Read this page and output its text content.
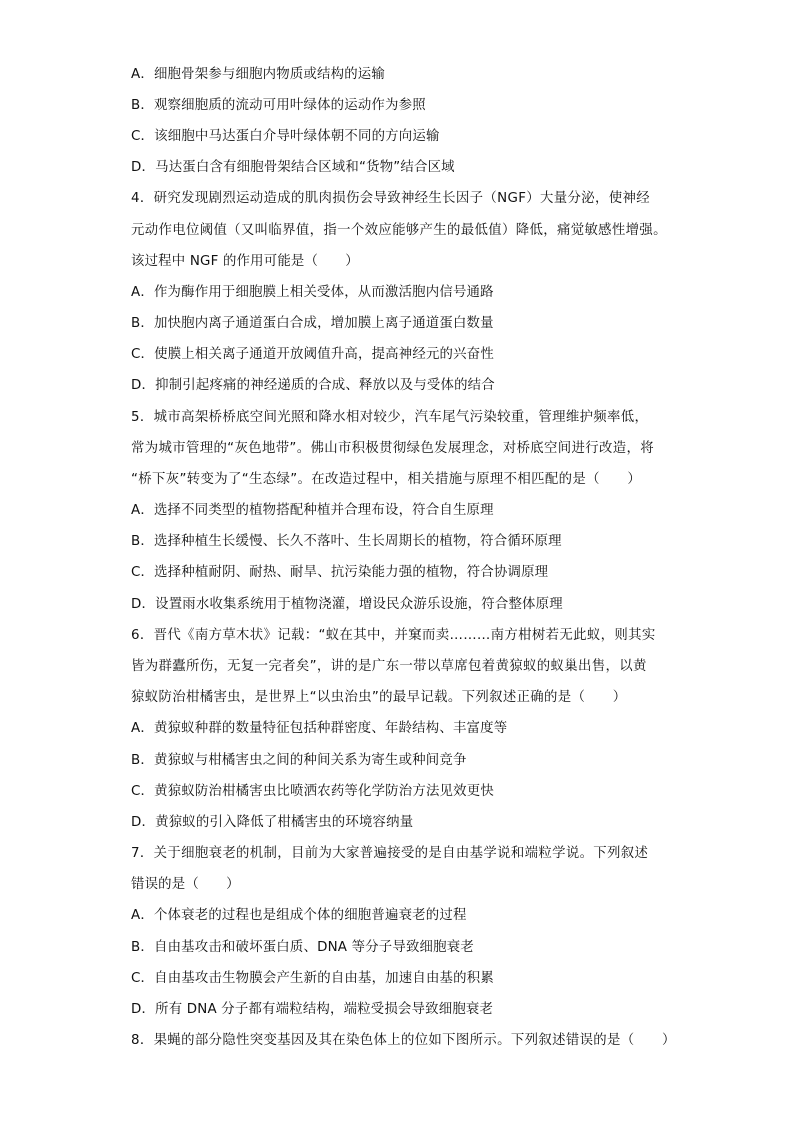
A．细胞骨架参与细胞内物质或结构的运输
B．观察细胞质的流动可用叶绿体的运动作为参照
C．该细胞中马达蛋白介导叶绿体朝不同的方向运输
D．马达蛋白含有细胞骨架结合区域和“货物”结合区域
4．研究发现剧烈运动造成的肌肉损伤会导致神经生长因子（NGF）大量分泌，使神经
元动作电位阈值（又叫临界值，指一个效应能够产生的最低值）降低，痛觉敏感性增强。
该过程中 NGF 的作用可能是（　　）
A．作为酶作用于细胞膜上相关受体，从而激活胞内信号通路
B．加快胞内离子通道蛋白合成，增加膜上离子通道蛋白数量
C．使膜上相关离子通道开放阈值升高，提高神经元的兴奋性
D．抑制引起疼痛的神经递质的合成、释放以及与受体的结合
5．城市高架桥桥底空间光照和降水相对较少，汽车尾气污染较重，管理维护频率低，
常为城市管理的“灰色地带”。佛山市积极贯彻绿色发展理念，对桥底空间进行改造，将
“桥下灰”转变为了“生态绿”。在改造过程中，相关措施与原理不相匹配的是（　　）
A．选择不同类型的植物搭配种植并合理布设，符合自生原理
B．选择种植生长缓慢、长久不落叶、生长周期长的植物，符合循环原理
C．选择种植耐阴、耐热、耐旱、抗污染能力强的植物，符合协调原理
D．设置雨水收集系统用于植物浇灌，增设民众游乐设施，符合整体原理
6．晋代《南方草木状》记载：“蚁在其中，并窠而卖………南方柑树若无此蚁，则其实
皆为群蠹所伤，无复一完者矣”，讲的是广东一带以草席包着黄猄蚁的蚁巢出售，以黄
猄蚁防治柑橘害虫，是世界上“以虫治虫”的最早记载。下列叙述正确的是（　　）
A．黄猄蚁种群的数量特征包括种群密度、年龄结构、丰富度等
B．黄猄蚁与柑橘害虫之间的种间关系为寄生或种间竞争
C．黄猄蚁防治柑橘害虫比喷洒农药等化学防治方法见效更快
D．黄猄蚁的引入降低了柑橘害虫的环境容纳量
7．关于细胞衰老的机制，目前为大家普遍接受的是自由基学说和端粒学说。下列叙述
错误的是（　　）
A．个体衰老的过程也是组成个体的细胞普遍衰老的过程
B．自由基攻击和破坏蛋白质、DNA 等分子导致细胞衰老
C．自由基攻击生物膜会产生新的自由基，加速自由基的积累
D．所有 DNA 分子都有端粒结构，端粒受损会导致细胞衰老
8．果蝇的部分隐性突变基因及其在染色体上的位如下图所示。下列叙述错误的是（　　）
